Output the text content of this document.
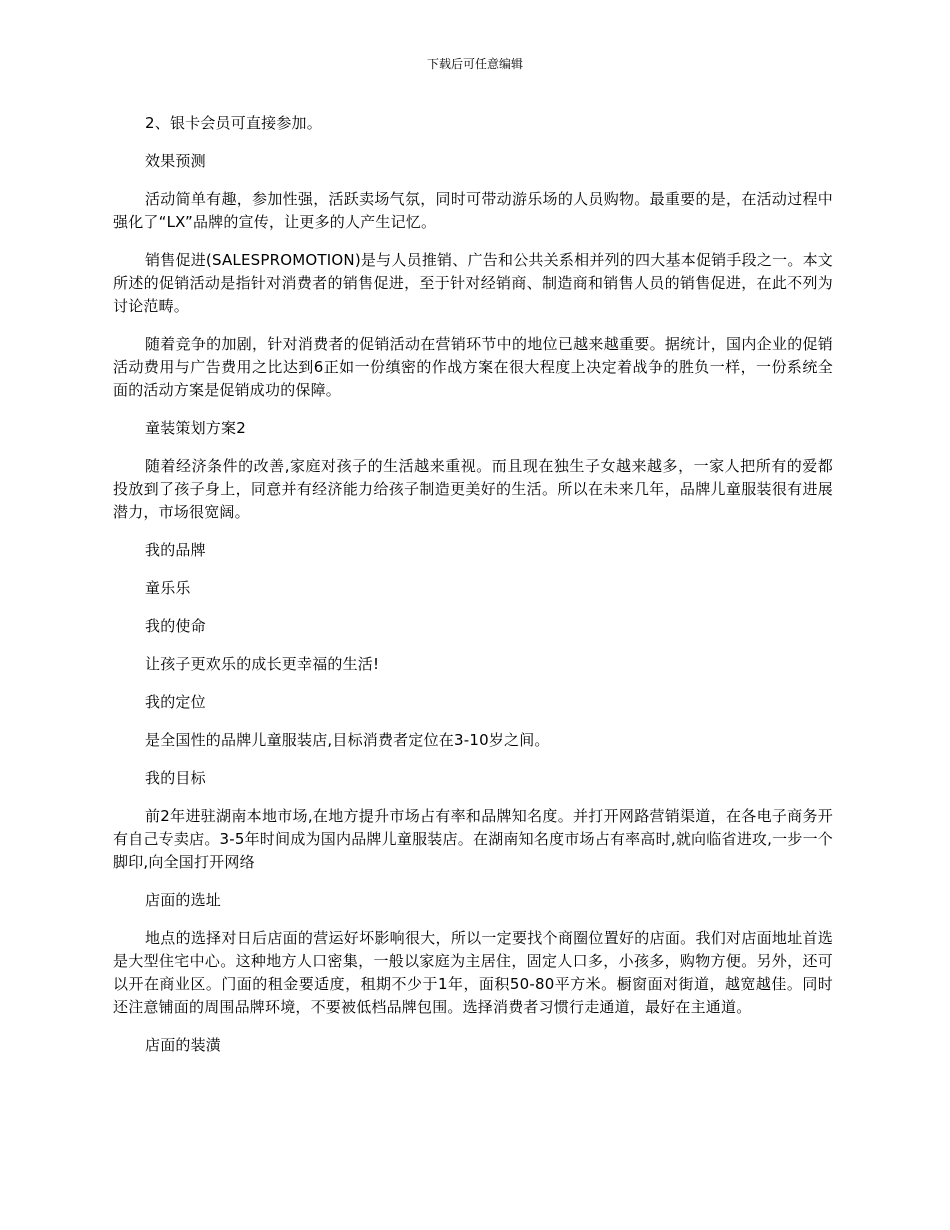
下载后可任意编辑

2、银卡会员可直接参加。

效果预测

活动简单有趣，参加性强，活跃卖场气氛，同时可带动游乐场的人员购物。最重要的是，在活动过程中强化了“LX”品牌的宣传，让更多的人产生记忆。

销售促进(SALESPROMOTION)是与人员推销、广告和公共关系相并列的四大基本促销手段之一。本文所述的促销活动是指针对消费者的销售促进，至于针对经销商、制造商和销售人员的销售促进，在此不列为讨论范畴。

随着竞争的加剧，针对消费者的促销活动在营销环节中的地位已越来越重要。据统计，国内企业的促销活动费用与广告费用之比达到6正如一份缜密的作战方案在很大程度上决定着战争的胜负一样，一份系统全面的活动方案是促销成功的保障。

童装策划方案2

随着经济条件的改善,家庭对孩子的生活越来重视。而且现在独生子女越来越多，一家人把所有的爱都投放到了孩子身上，同意并有经济能力给孩子制造更美好的生活。所以在未来几年，品牌儿童服装很有进展潜力，市场很宽阔。

我的品牌

童乐乐

我的使命

让孩子更欢乐的成长更幸福的生活!

我的定位

是全国性的品牌儿童服装店,目标消费者定位在3-10岁之间。

我的目标

前2年进驻湖南本地市场,在地方提升市场占有率和品牌知名度。并打开网路营销渠道，在各电子商务开有自己专卖店。3-5年时间成为国内品牌儿童服装店。在湖南知名度市场占有率高时,就向临省进攻,一步一个脚印,向全国打开网络

店面的选址

地点的选择对日后店面的营运好坏影响很大，所以一定要找个商圈位置好的店面。我们对店面地址首选是大型住宅中心。这种地方人口密集，一般以家庭为主居住，固定人口多，小孩多，购物方便。另外，还可以开在商业区。门面的租金要适度，租期不少于1年，面积50-80平方米。橱窗面对街道，越宽越佳。同时还注意铺面的周围品牌环境，不要被低档品牌包围。选择消费者习惯行走通道，最好在主通道。

店面的装潢
